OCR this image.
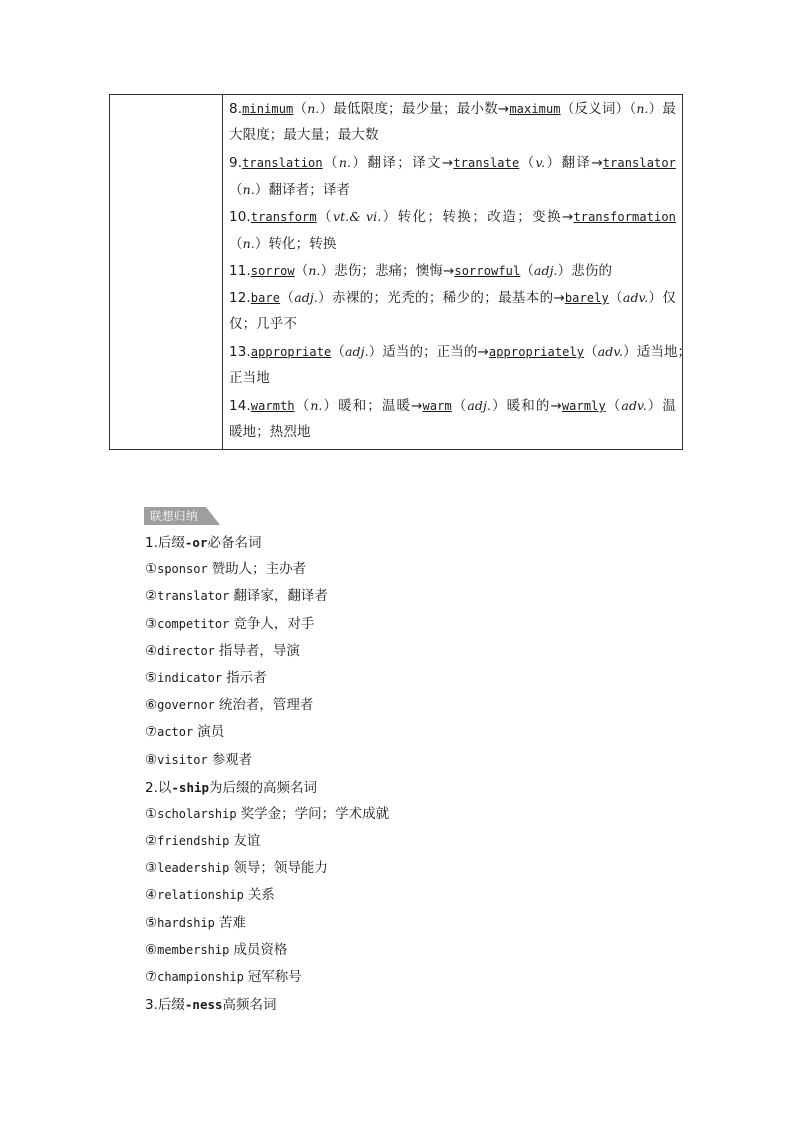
8.minimum（n.）最低限度；最少量；最小数→maximum（反义词）（n.）最
大限度；最大量；最大数
9.translation（n.）翻译；译文→translate（v.）翻译→translator
（n.）翻译者；译者
10.transform（vt.& vi.）转化；转换；改造；变换→transformation
（n.）转化；转换
11.sorrow（n.）悲伤；悲痛；懊悔→sorrowful（adj.）悲伤的
12.bare（adj.）赤裸的；光秃的；稀少的；最基本的→barely（adv.）仅
仅；几乎不
13.appropriate（adj.）适当的；正当的→appropriately（adv.）适当地；
正当地
14.warmth（n.）暖和；温暖→warm（adj.）暖和的→warmly（adv.）温
暖地；热烈地
联想归纳
1.后缀-or必备名词
①sponsor 赞助人；主办者
②translator 翻译家，翻译者
③competitor 竞争人，对手
④director 指导者，导演
⑤indicator 指示者
⑥governor 统治者，管理者
⑦actor 演员
⑧visitor 参观者
2.以-ship为后缀的高频名词
①scholarship 奖学金；学问；学术成就
②friendship 友谊
③leadership 领导；领导能力
④relationship 关系
⑤hardship 苦难
⑥membership 成员资格
⑦championship 冠军称号
3.后缀-ness高频名词
